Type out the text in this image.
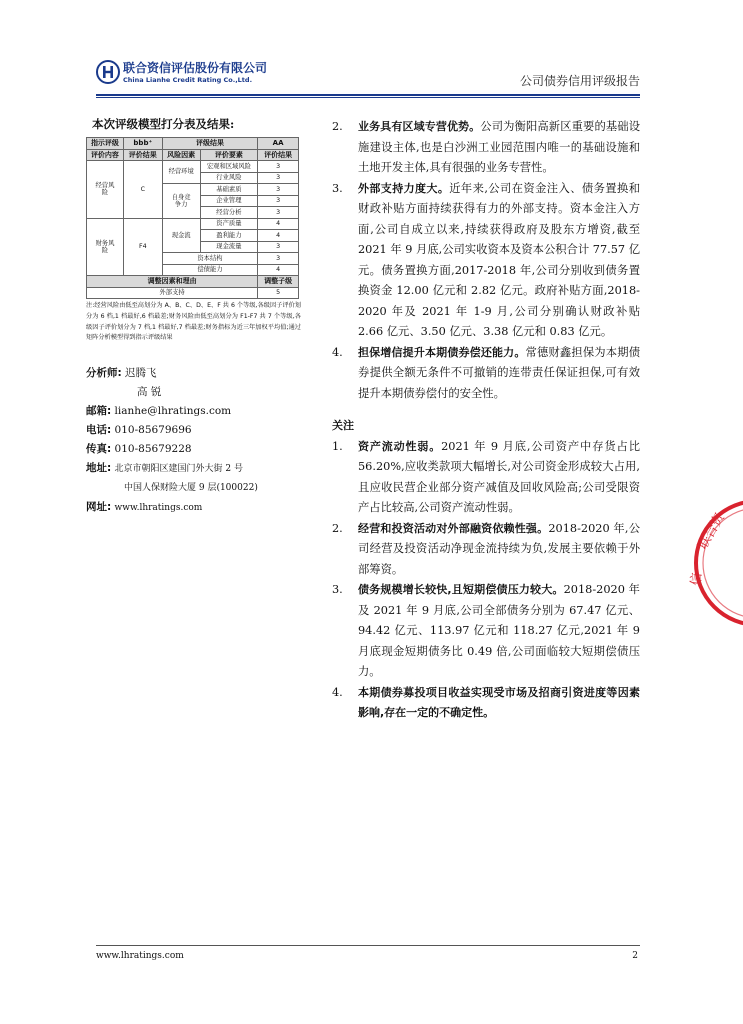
联合资信评估股份有限公司
China Lianhe Credit Rating Co.,Ltd.	公司债券信用评级报告
本次评级模型打分表及结果:
指示评级	bbb⁺	评级结果		AA
评价内容	评价结果	风险因素	评价要素	评价结果
经营风险	C	经营环境	宏观和区域风险	3
			行业风险	3
		自身竞争力	基础素质	3
			企业管理	3
			经营分析	3
财务风险	F4	现金流	资产质量	4
			盈利能力	4
			现金流量	3
		资本结构		3
		偿债能力		4
调整因素和理由				调整子级
外部支持				5
注:经营风险由低至高划分为 A、B、C、D、E、F 共 6 个等级,各级因子评价划分为 6 档,1 档最好,6 档最差;财务风险由低至高划分为 F1-F7 共 7 个等级,各级因子评价划分为 7 档,1 档最好,7 档最差;财务指标为近三年加权平均值;通过矩阵分析模型得到指示评级结果
分析师: 迟腾飞
高 锐
邮箱: lianhe@lhratings.com
电话: 010-85679696
传真: 010-85679228
地址: 北京市朝阳区建国门外大街 2 号
中国人保财险大厦 9 层(100022)
网址: www.lhratings.com
2. 业务具有区域专营优势。公司为衡阳高新区重要的基础设施建设主体,也是白沙洲工业园范围内唯一的基础设施和土地开发主体,具有很强的业务专营性。
3. 外部支持力度大。近年来,公司在资金注入、债务置换和财政补贴方面持续获得有力的外部支持。资本金注入方面,公司自成立以来,持续获得政府及股东方增资,截至 2021 年 9 月底,公司实收资本及资本公积合计 77.57 亿元。债务置换方面,2017-2018 年,公司分别收到债务置换资金 12.00 亿元和 2.82 亿元。政府补贴方面,2018-2020 年及 2021 年 1-9 月,公司分别确认财政补贴 2.66 亿元、3.50 亿元、3.38 亿元和 0.83 亿元。
4. 担保增信提升本期债券偿还能力。常德财鑫担保为本期债券提供全额无条件不可撤销的连带责任保证担保,可有效提升本期债券偿付的安全性。
关注
1. 资产流动性弱。2021 年 9 月底,公司资产中存货占比 56.20%,应收类款项大幅增长,对公司资金形成较大占用,且应收民营企业部分资产减值及回收风险高;公司受限资产占比较高,公司资产流动性弱。
2. 经营和投资活动对外部融资依赖性强。2018-2020 年,公司经营及投资活动净现金流持续为负,发展主要依赖于外部筹资。
3. 债务规模增长较快,且短期偿债压力较大。2018-2020 年及 2021 年 9 月底,公司全部债务分别为 67.47 亿元、94.42 亿元、113.97 亿元和 118.27 亿元,2021 年 9 月底现金短期债务比 0.49 倍,公司面临较大短期偿债压力。
4. 本期债券募投项目收益实现受市场及招商引资进度等因素影响,存在一定的不确定性。
联合资
信
www.lhratings.com	2
